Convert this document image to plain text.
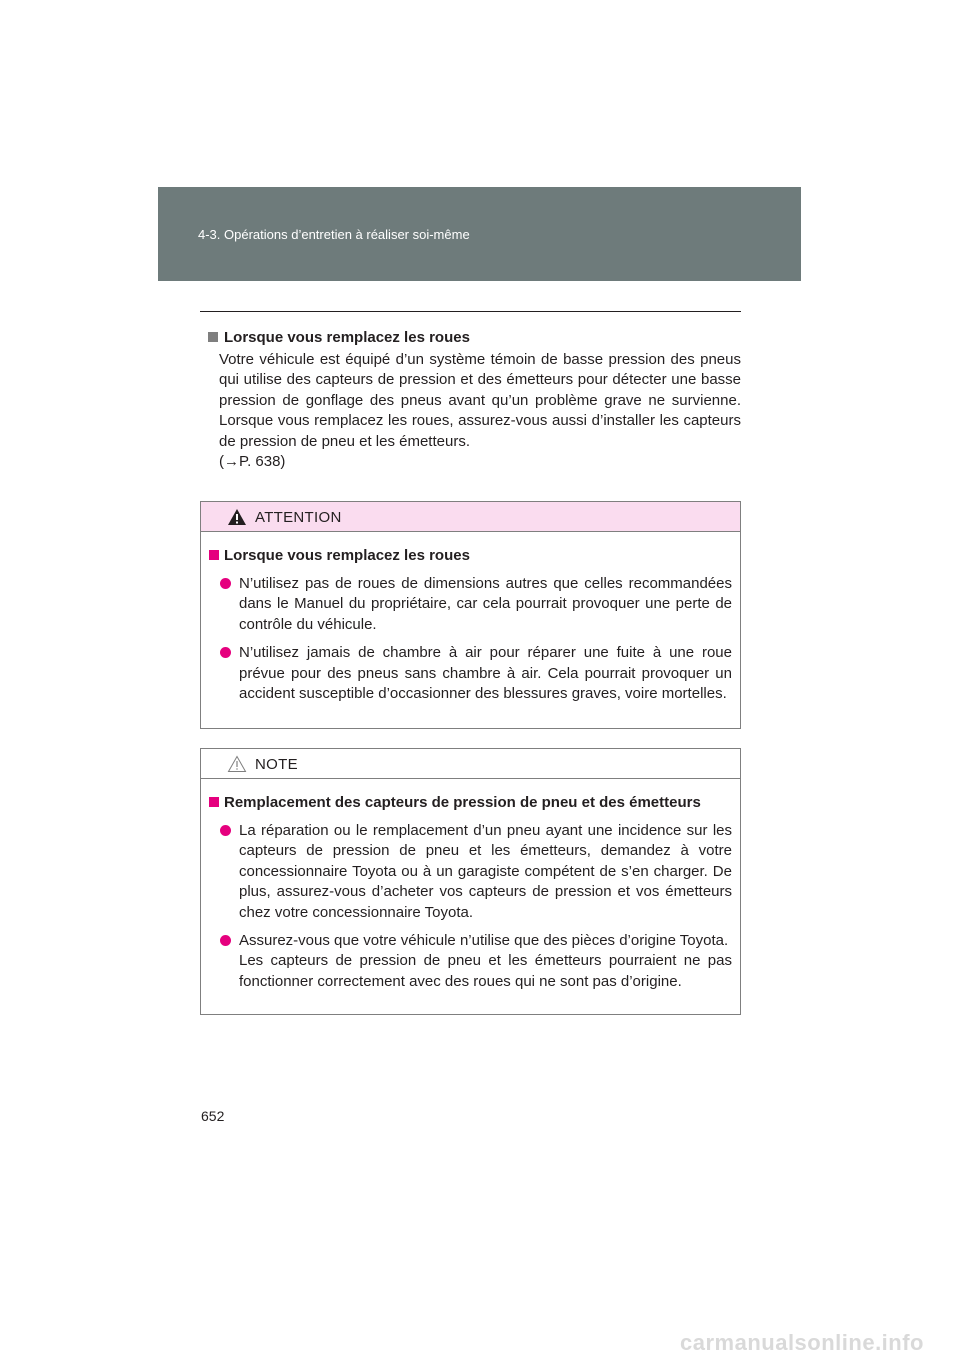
4-3. Opérations d’entretien à réaliser soi-même
Lorsque vous remplacez les roues
Votre véhicule est équipé d’un système témoin de basse pression des pneus qui utilise des capteurs de pression et des émetteurs pour détecter une basse pression de gonflage des pneus avant qu’un problème grave ne survienne. Lorsque vous remplacez les roues, assurez-vous aussi d’installer les capteurs de pression de pneu et les émetteurs.
(→P. 638)
ATTENTION
Lorsque vous remplacez les roues
N’utilisez pas de roues de dimensions autres que celles recommandées dans le Manuel du propriétaire, car cela pourrait provoquer une perte de contrôle du véhicule.
N’utilisez jamais de chambre à air pour réparer une fuite à une roue prévue pour des pneus sans chambre à air. Cela pourrait provoquer un accident susceptible d’occasionner des blessures graves, voire mortelles.
NOTE
Remplacement des capteurs de pression de pneu et des émetteurs
La réparation ou le remplacement d’un pneu ayant une incidence sur les capteurs de pression de pneu et les émetteurs, demandez à votre concessionnaire Toyota ou à un garagiste compétent de s’en charger. De plus, assurez-vous d’acheter vos capteurs de pression et vos émetteurs chez votre concessionnaire Toyota.
Assurez-vous que votre véhicule n’utilise que des pièces d’origine Toyota.
Les capteurs de pression de pneu et les émetteurs pourraient ne pas fonctionner correctement avec des roues qui ne sont pas d’origine.
652
carmanualsonline.info
